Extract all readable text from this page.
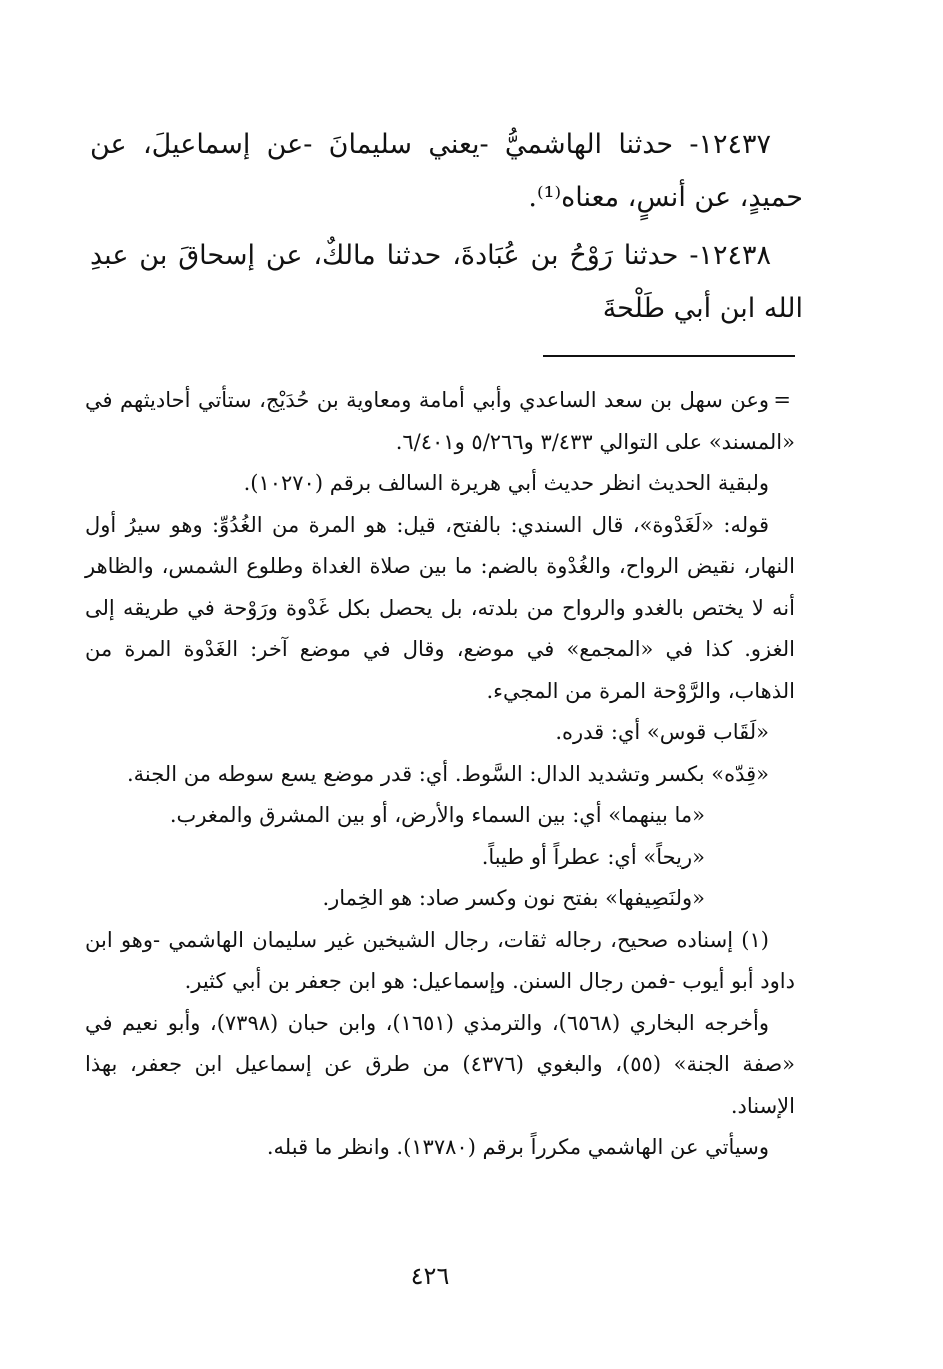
١٢٤٣٧- حدثنا الهاشميُّ -يعني سليمانَ -عن إسماعيلَ، عن حميدٍ، عن أنسٍ، معناه⁽¹⁾.

١٢٤٣٨- حدثنا رَوْحُ بن عُبَادةَ، حدثنا مالكٌ، عن إسحاقَ بن عبدِ الله ابن أبي طَلْحةَ

=
وعن سهل بن سعد الساعدي وأبي أمامة ومعاوية بن حُدَيْج، ستأتي أحاديثهم في «المسند» على التوالي ٣/٤٣٣ و٥/٢٦٦ و٦/٤٠١.

ولبقية الحديث انظر حديث أبي هريرة السالف برقم (١٠٢٧٠).

قوله: «لَغَدْوة»، قال السندي: بالفتح، قيل: هو المرة من الغُدُوِّ: وهو سيرُ أول النهار، نقيض الرواح، والغُدْوة بالضم: ما بين صلاة الغداة وطلوع الشمس، والظاهر أنه لا يختص بالغدو والرواح من بلدته، بل يحصل بكل غَدْوة ورَوْحة في طريقه إلى الغزو. كذا في «المجمع» في موضع، وقال في موضع آخر: الغَدْوة المرة من الذهاب، والرَّوْحة المرة من المجيء.

«لَقَاب قوس» أي: قدره.

«قِدّه» بكسر وتشديد الدال: السَّوط. أي: قدر موضع يسع سوطه من الجنة.

«ما بينهما» أي: بين السماء والأرض، أو بين المشرق والمغرب.

«ريحاً» أي: عطراً أو طيباً.

«ولنَصِيفها» بفتح نون وكسر صاد: هو الخِمار.

(١) إسناده صحيح، رجاله ثقات، رجال الشيخين غير سليمان الهاشمي -وهو ابن داود أبو أيوب -فمن رجال السنن. وإسماعيل: هو ابن جعفر بن أبي كثير.

وأخرجه البخاري (٦٥٦٨)، والترمذي (١٦٥١)، وابن حبان (٧٣٩٨)، وأبو نعيم في «صفة الجنة» (٥٥)، والبغوي (٤٣٧٦) من طرق عن إسماعيل ابن جعفر، بهذا الإسناد.

وسيأتي عن الهاشمي مكرراً برقم (١٣٧٨٠). وانظر ما قبله.

٤٢٦
